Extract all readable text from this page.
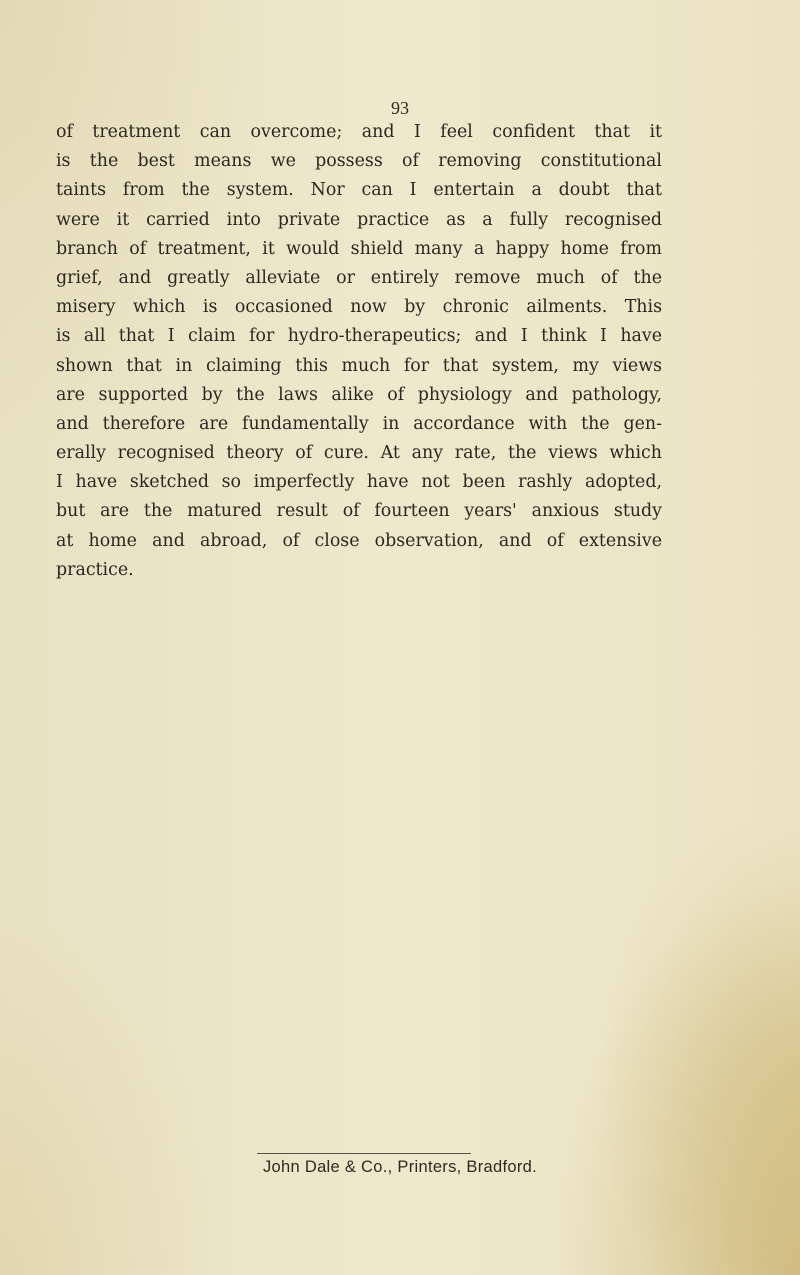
93
of treatment can overcome; and I feel confident that it
is the best means we possess of removing constitutional
taints from the system. Nor can I entertain a doubt that
were it carried into private practice as a fully recognised
branch of treatment, it would shield many a happy home from
grief, and greatly alleviate or entirely remove much of the
misery which is occasioned now by chronic ailments. This
is all that I claim for hydro-therapeutics; and I think I have
shown that in claiming this much for that system, my views
are supported by the laws alike of physiology and pathology,
and therefore are fundamentally in accordance with the gen-
erally recognised theory of cure. At any rate, the views which
I have sketched so imperfectly have not been rashly adopted,
but are the matured result of fourteen years' anxious study
at home and abroad, of close observation, and of extensive
practice.
John Dale & Co., Printers, Bradford.
